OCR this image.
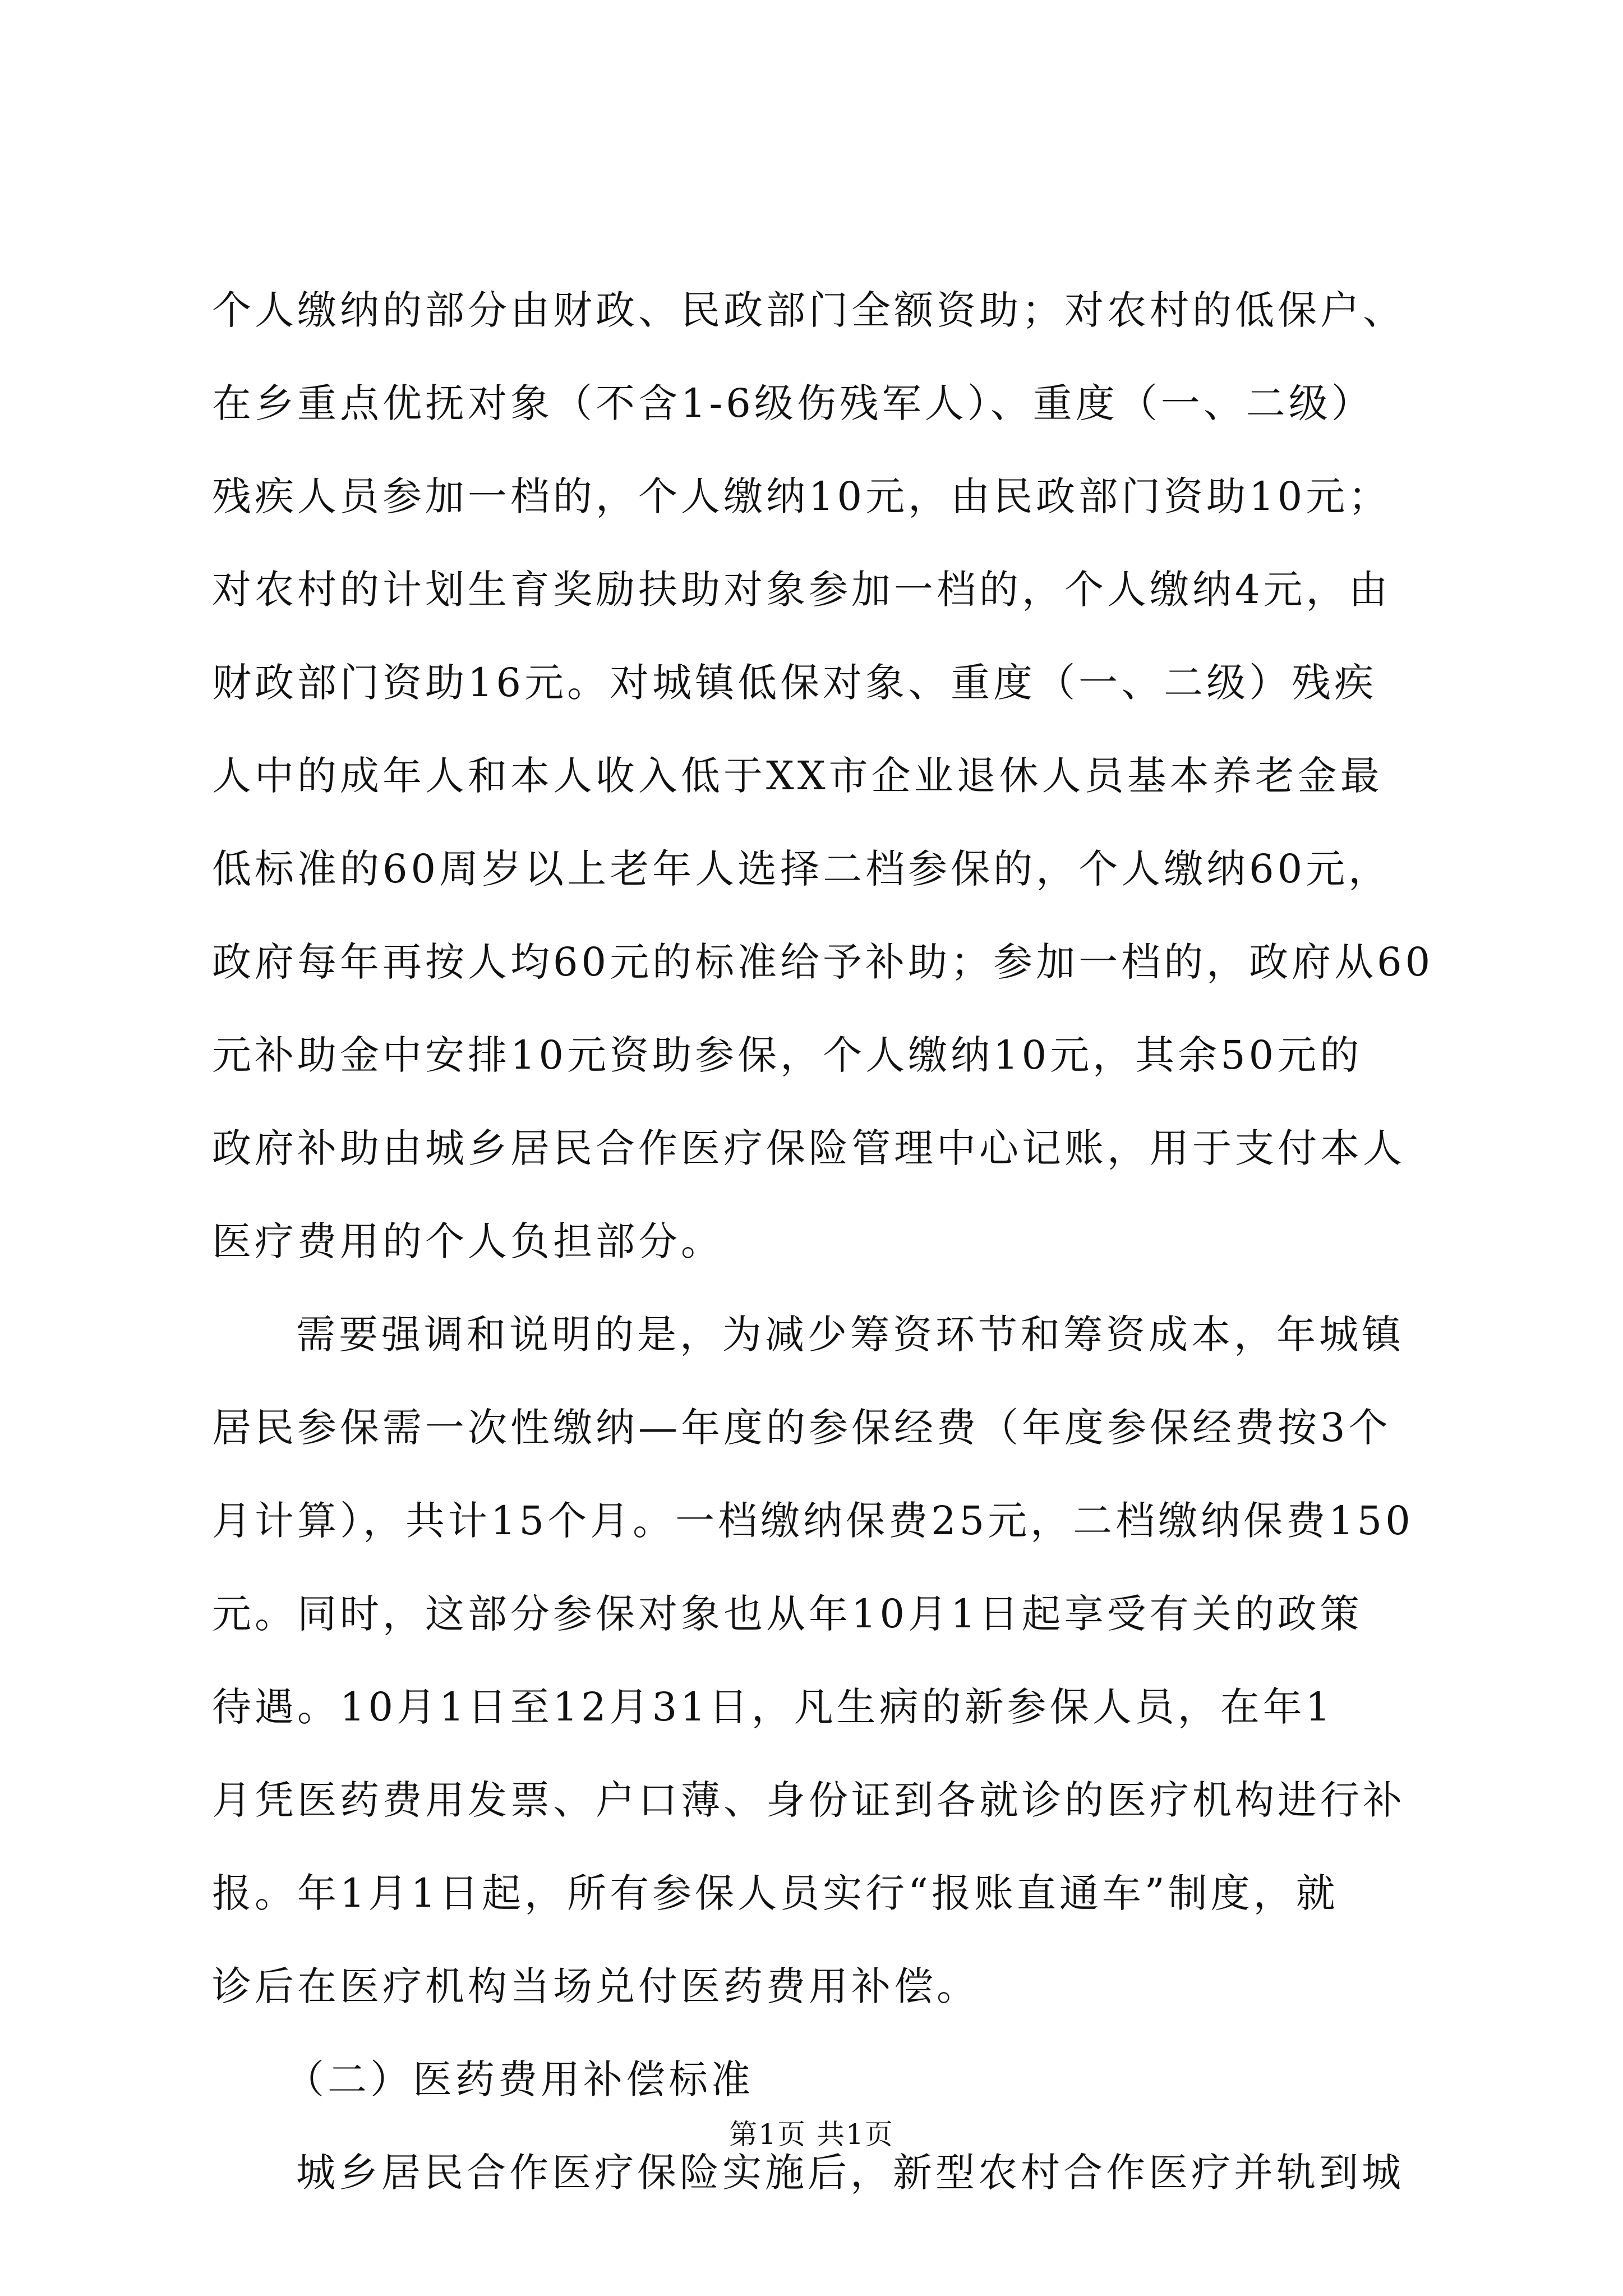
个人缴纳的部分由财政、民政部门全额资助；对农村的低保户、
在乡重点优抚对象（不含1-6级伤残军人）、重度（一、二级）
残疾人员参加一档的，个人缴纳10元，由民政部门资助10元；
对农村的计划生育奖励扶助对象参加一档的，个人缴纳4元，由
财政部门资助16元。对城镇低保对象、重度（一、二级）残疾
人中的成年人和本人收入低于XX市企业退休人员基本养老金最
低标准的60周岁以上老年人选择二档参保的，个人缴纳60元，
政府每年再按人均60元的标准给予补助；参加一档的，政府从60
元补助金中安排10元资助参保，个人缴纳10元，其余50元的
政府补助由城乡居民合作医疗保险管理中心记账，用于支付本人
医疗费用的个人负担部分。
需要强调和说明的是，为减少筹资环节和筹资成本，年城镇
居民参保需一次性缴纳—年度的参保经费（年度参保经费按3个
月计算），共计15个月。一档缴纳保费25元，二档缴纳保费150
元。同时，这部分参保对象也从年10月1日起享受有关的政策
待遇。10月1日至12月31日，凡生病的新参保人员，在年1
月凭医药费用发票、户口薄、身份证到各就诊的医疗机构进行补
报。年1月1日起，所有参保人员实行“报账直通车”制度，就
诊后在医疗机构当场兑付医药费用补偿。
（二）医药费用补偿标准
城乡居民合作医疗保险实施后，新型农村合作医疗并轨到城
第1页 共1页
